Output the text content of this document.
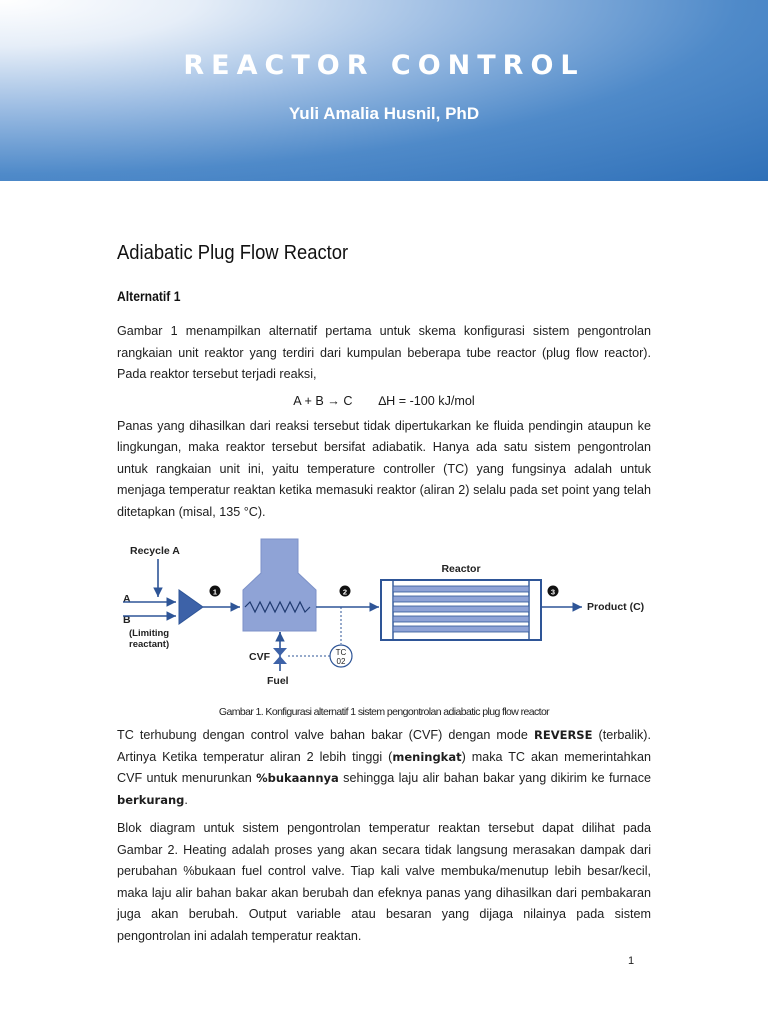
REACTOR CONTROL
Yuli Amalia Husnil, PhD
Adiabatic Plug Flow Reactor
Alternatif 1

Gambar 1 menampilkan alternatif pertama untuk skema konfigurasi sistem pengontrolan rangkaian unit reaktor yang terdiri dari kumpulan beberapa tube reactor (plug flow reactor). Pada reaktor tersebut terjadi reaksi,

A + B → C ∆H = -100 kJ/mol

Panas yang dihasilkan dari reaksi tersebut tidak dipertukarkan ke fluida pendingin ataupun ke lingkungan, maka reaktor tersebut bersifat adiabatik. Hanya ada satu sistem pengontrolan untuk rangkaian unit ini, yaitu temperature controller (TC) yang fungsinya adalah untuk menjaga temperatur reaktan ketika memasuki reaktor (aliran 2) selalu pada set point yang telah ditetapkan (misal, 135 °C).

Recycle A
A
B
(Limiting
reactant)
1	2
TC
02
CVF
Fuel
Reactor
3
Product (C)
Gambar 1. Konfigurasi alternatif 1 sistem pengontrolan adiabatic plug flow reactor

TC terhubung dengan control valve bahan bakar (CVF) dengan mode REVERSE (terbalik). Artinya Ketika temperatur aliran 2 lebih tinggi (meningkat) maka TC akan memerintahkan CVF untuk menurunkan %bukaannya sehingga laju alir bahan bakar yang dikirim ke furnace berkurang.

Blok diagram untuk sistem pengontrolan temperatur reaktan tersebut dapat dilihat pada Gambar 2. Heating adalah proses yang akan secara tidak langsung merasakan dampak dari perubahan %bukaan fuel control valve. Tiap kali valve membuka/menutup lebih besar/kecil, maka laju alir bahan bakar akan berubah dan efeknya panas yang dihasilkan dari pembakaran juga akan berubah. Output variable atau besaran yang dijaga nilainya pada sistem pengontrolan ini adalah temperatur reaktan.

1
